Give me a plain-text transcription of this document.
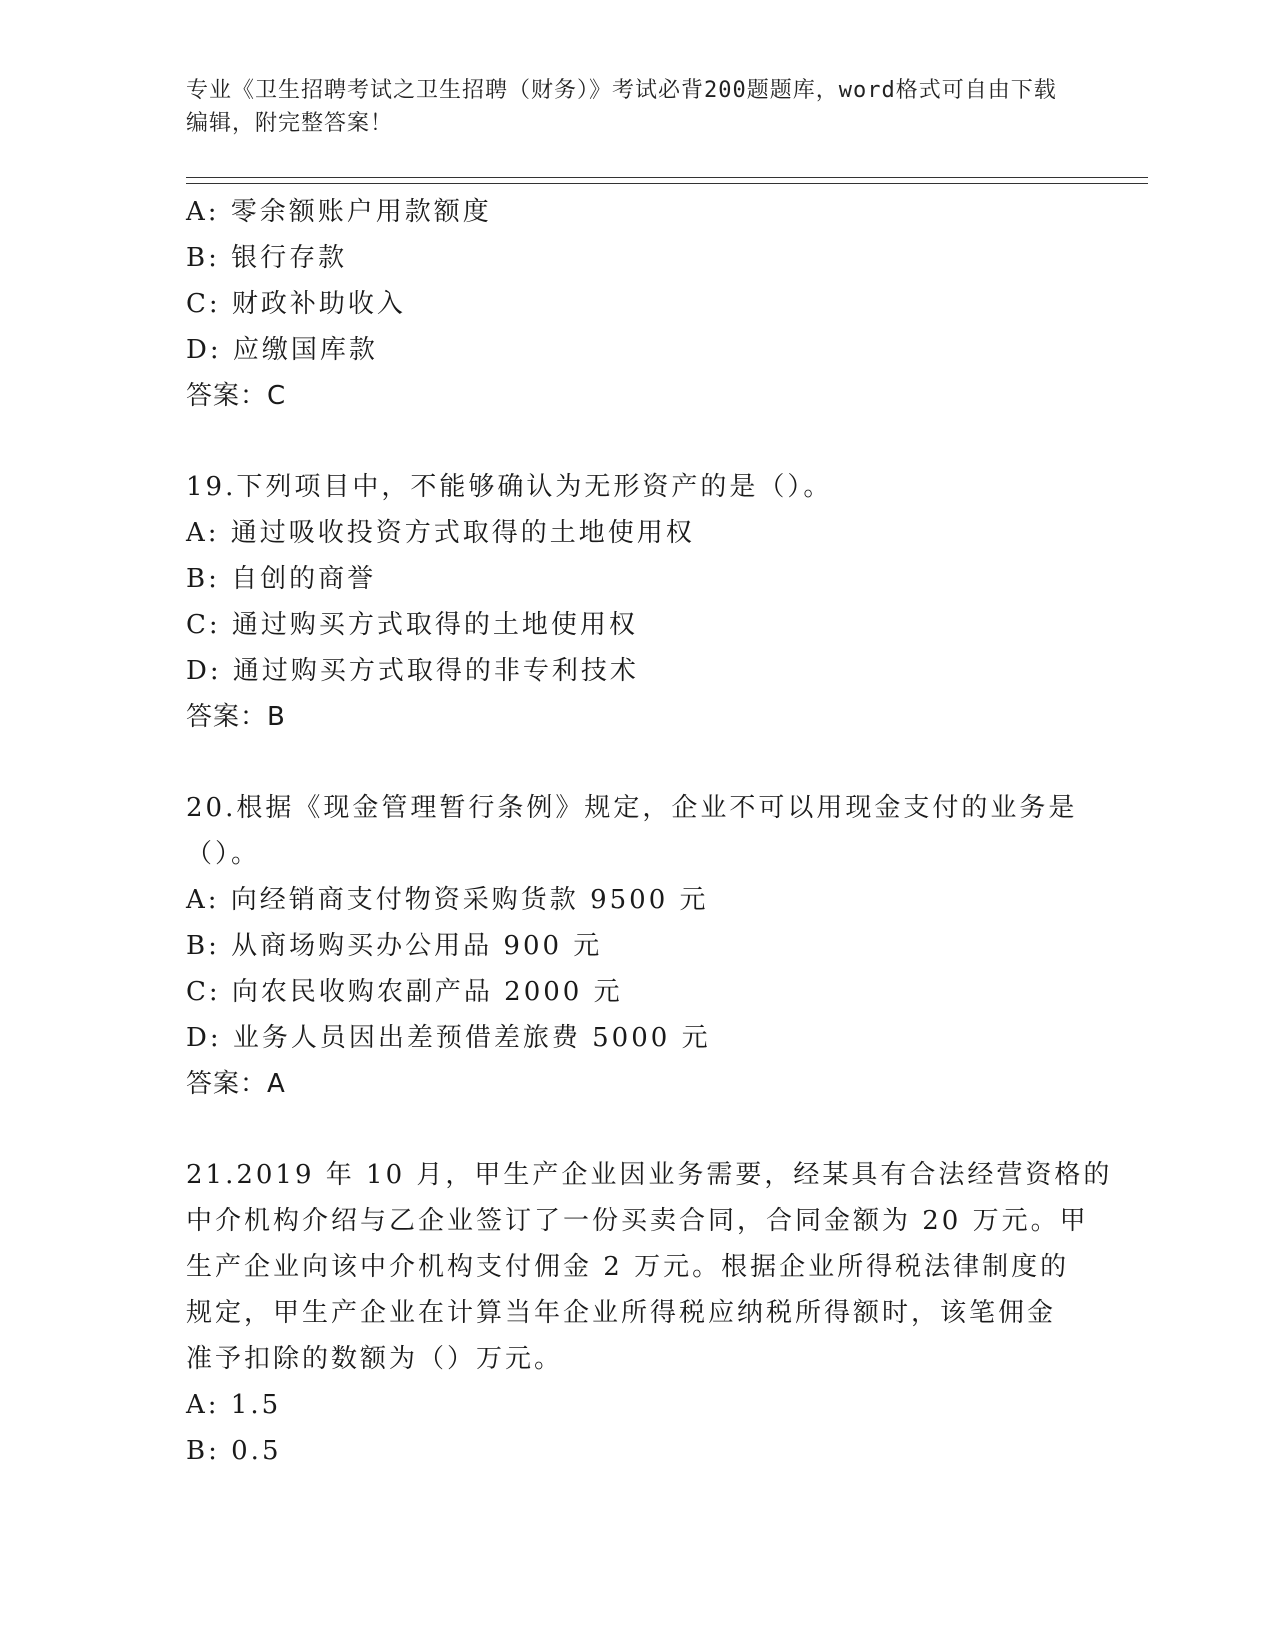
专业《卫生招聘考试之卫生招聘（财务）》考试必背200题题库，word格式可自由下载编辑，附完整答案！
A: 零余额账户用款额度
B: 银行存款
C: 财政补助收入
D: 应缴国库款
答案：C
19.下列项目中，不能够确认为无形资产的是（）。
A: 通过吸收投资方式取得的土地使用权
B: 自创的商誉
C: 通过购买方式取得的土地使用权
D: 通过购买方式取得的非专利技术
答案：B
20.根据《现金管理暂行条例》规定，企业不可以用现金支付的业务是
（）。
A: 向经销商支付物资采购货款 9500 元
B: 从商场购买办公用品 900 元
C: 向农民收购农副产品 2000 元
D: 业务人员因出差预借差旅费 5000 元
答案：A
21.2019 年 10 月，甲生产企业因业务需要，经某具有合法经营资格的
中介机构介绍与乙企业签订了一份买卖合同，合同金额为 20 万元。甲
生产企业向该中介机构支付佣金 2 万元。根据企业所得税法律制度的
规定，甲生产企业在计算当年企业所得税应纳税所得额时，该笔佣金
准予扣除的数额为（）万元。
A: 1.5
B: 0.5
